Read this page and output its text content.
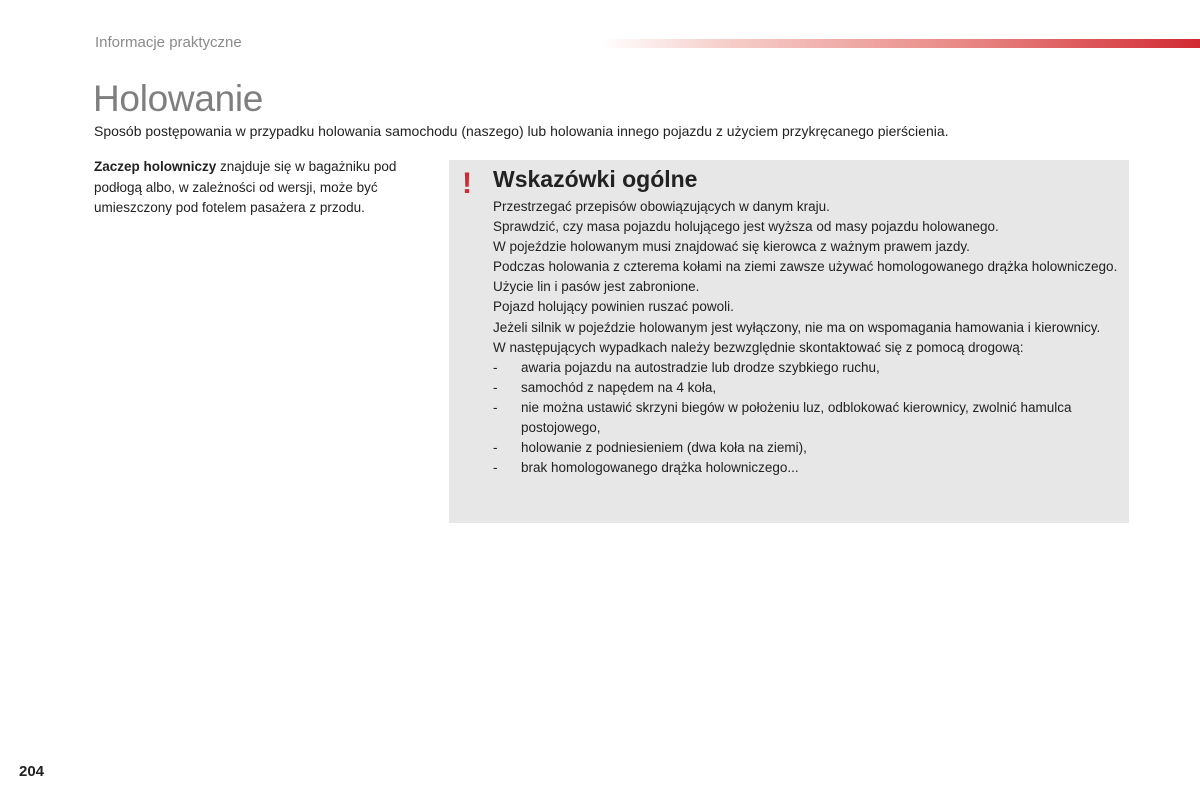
Informacje praktyczne
Holowanie

Sposób postępowania w przypadku holowania samochodu (naszego) lub holowania innego pojazdu z użyciem przykręcanego pierścienia.

Zaczep holowniczy znajduje się w bagażniku pod podłogą albo, w zależności od wersji, może być umieszczony pod fotelem pasażera z przodu.

! Wskazówki ogólne
Przestrzegać przepisów obowiązujących w danym kraju.
Sprawdzić, czy masa pojazdu holującego jest wyższa od masy pojazdu holowanego.
W pojeździe holowanym musi znajdować się kierowca z ważnym prawem jazdy.
Podczas holowania z czterema kołami na ziemi zawsze używać homologowanego drążka holowniczego. Użycie lin i pasów jest zabronione.
Pojazd holujący powinien ruszać powoli.
Jeżeli silnik w pojeździe holowanym jest wyłączony, nie ma on wspomagania hamowania i kierownicy.
W następujących wypadkach należy bezwzględnie skontaktować się z pomocą drogową:
- awaria pojazdu na autostradzie lub drodze szybkiego ruchu,
- samochód z napędem na 4 koła,
- nie można ustawić skrzyni biegów w położeniu luz, odblokować kierownicy, zwolnić hamulca postojowego,
- holowanie z podniesieniem (dwa koła na ziemi),
- brak homologowanego drążka holowniczego...
204
